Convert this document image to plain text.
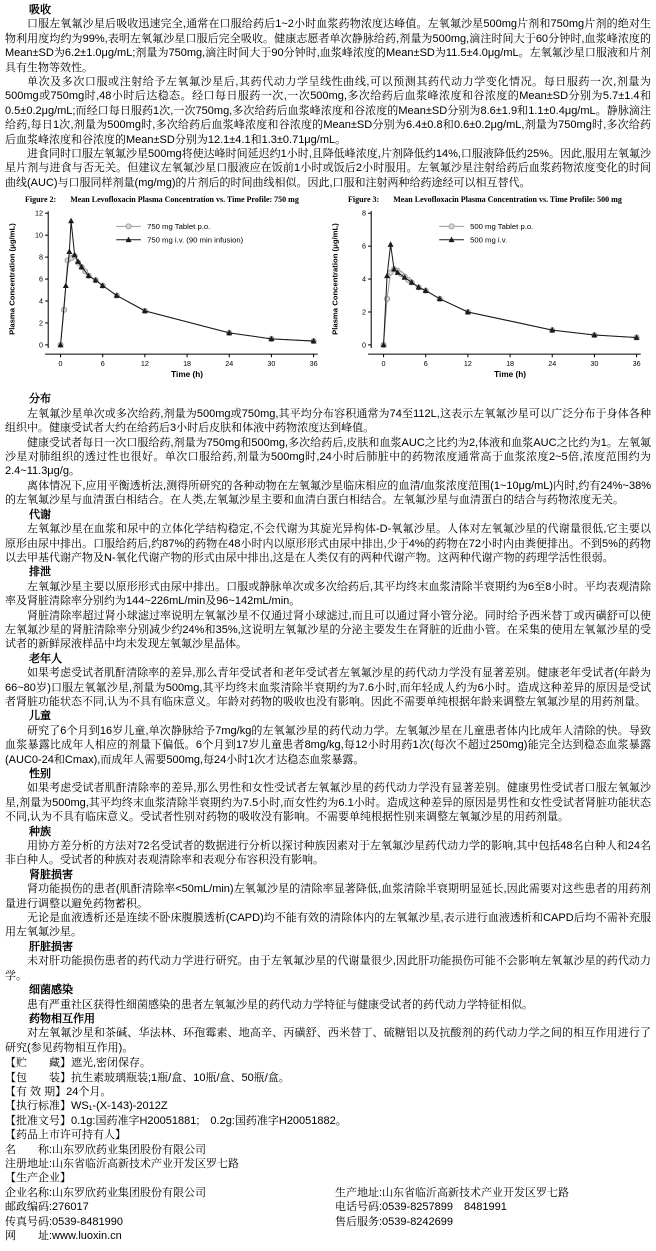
吸收

口服左氧氟沙星后吸收迅速完全,通常在口服给药后1~2小时血浆药物浓度达峰值。左氧氟沙星500mg片剂和750mg片剂的绝对生物利用度均约为99%,表明左氧氟沙星口服后完全吸收。健康志愿者单次静脉给药,剂量为500mg,滴注时间大于60分钟时,血浆峰浓度的Mean±SD为6.2±1.0μg/mL;剂量为750mg,滴注时间大于90分钟时,血浆峰浓度的Mean±SD为11.5±4.0μg/mL。左氧氟沙星口服液和片剂具有生物等效性。

单次及多次口服或注射给予左氧氟沙星后,其药代动力学呈线性曲线,可以预测其药代动力学变化情况。每日服药一次,剂量为500mg或750mg时,48小时后达稳态。经口每日服药一次,一次500mg,多次给药后血浆峰浓度和谷浓度的Mean±SD分别为5.7±1.4和0.5±0.2μg/mL;而经口每日服药1次,一次750mg,多次给药后血浆峰浓度和谷浓度的Mean±SD分别为8.6±1.9和1.1±0.4μg/mL。静脉滴注给药,每日1次,剂量为500mg时,多次给药后血浆峰浓度和谷浓度的Mean±SD分别为6.4±0.8和0.6±0.2μg/mL,剂量为750mg时,多次给药后血浆峰浓度和谷浓度的Mean±SD分别为12.1±4.1和1.3±0.71μg/mL。

进食同时口服左氧氟沙星500mg将使达峰时间延迟约1小时,且降低峰浓度,片剂降低约14%,口服液降低约25%。因此,服用左氧氟沙星片剂与进食与否无关。但建议左氧氟沙星口服液应在饭前1小时或饭后2小时服用。左氧氟沙星注射给药后血浆药物浓度变化的时间曲线(AUC)与口服同样剂量(mg/mg)的片剂后的时间曲线相似。因此,口服和注射两种给药途经可以相互替代。

Figure 2: Mean Levofloxacin Plasma Concentration vs. Time Profile: 750 mg
0
2
4
6
8
10
12
0	6	12	18	24	30	36
Time (h)
Plasma Concentration (μg/mL)	750 mg Tablet p.o.
750 mg i.v. (90 min infusion)
Figure 3: Mean Levofloxacin Plasma Concentration vs. Time Profile: 500 mg
0
2
4
6
8
0	6	12	18	24	30	36
Time (h)
Plasma Concentration (μg/mL)	500 mg Tablet p.o.
500 mg i.v.
分布

左氧氟沙星单次或多次给药,剂量为500mg或750mg,其平均分布容积通常为74至112L,这表示左氧氟沙星可以广泛分布于身体各种组织中。健康受试者大约在给药后3小时后皮肤和体液中药物浓度达到峰值。

健康受试者每日一次口服给药,剂量为750mg和500mg,多次给药后,皮肤和血浆AUC之比约为2,体液和血浆AUC之比约为1。左氧氟沙星对肺组织的透过性也很好。单次口服给药,剂量为500mg时,24小时后肺脏中的药物浓度通常高于血浆浓度2~5倍,浓度范围约为2.4~11.3μg/g。

离体情况下,应用平衡透析法,测得所研究的各种动物在左氧氟沙星临床相应的血清/血浆浓度范围(1~10μg/mL)内时,约有24%~38%的左氧氟沙星与血清蛋白相结合。在人类,左氧氟沙星主要和血清白蛋白相结合。左氧氟沙星与血清蛋白的结合与药物浓度无关。

代谢

左氧氟沙星在血浆和尿中的立体化学结构稳定,不会代谢为其旋光异构体-D-氧氟沙星。人体对左氧氟沙星的代谢量很低,它主要以原形由尿中排出。口服给药后,约87%的药物在48小时内以原形形式由尿中排出,少于4%的药物在72小时内由粪便排出。不到5%的药物以去甲基代谢产物及N-氧化代谢产物的形式由尿中排出,这是在人类仅有的两种代谢产物。这两种代谢产物的药理学活性很弱。

排泄

左氧氟沙星主要以原形形式由尿中排出。口服或静脉单次或多次给药后,其平均终末血浆清除半衰期约为6至8小时。平均表观清除率及肾脏清除率分别约为144~226mL/min及96~142mL/min。

肾脏清除率超过肾小球滤过率说明左氧氟沙星不仅通过肾小球滤过,而且可以通过肾小管分泌。同时给予西米替丁或丙磺舒可以使左氧氟沙星的肾脏清除率分别减少约24%和35%,这说明左氧氟沙星的分泌主要发生在肾脏的近曲小管。在采集的使用左氧氟沙星的受试者的新鲜尿液样品中均未发现左氧氟沙星晶体。

老年人

如果考虑受试者肌酐清除率的差异,那么青年受试者和老年受试者左氧氟沙星的药代动力学没有显著差别。健康老年受试者(年龄为66~80岁)口服左氧氟沙星,剂量为500mg,其平均终末血浆清除半衰期约为7.6小时,而年轻成人约为6小时。造成这种差异的原因是受试者肾脏功能状态不同,认为不具有临床意义。年龄对药物的吸收也没有影响。因此不需要单纯根据年龄来调整左氧氟沙星的用药剂量。

儿童

研究了6个月到16岁儿童,单次静脉给予7mg/kg的左氧氟沙星的药代动力学。左氧氟沙星在儿童患者体内比成年人清除的快。导致血浆暴露比成年人相应的剂量下偏低。6个月到17岁儿童患者8mg/kg,每12小时用药1次(每次不超过250mg)能完全达到稳态血浆暴露(AUC0-24和Cmax),而成年人需要500mg,每24小时1次才达稳态血浆暴露。

性别

如果考虑受试者肌酐清除率的差异,那么男性和女性受试者左氧氟沙星的药代动力学没有显著差别。健康男性受试者口服左氧氟沙星,剂量为500mg,其平均终末血浆清除半衰期约为7.5小时,而女性约为6.1小时。造成这种差异的原因是男性和女性受试者肾脏功能状态不同,认为不具有临床意义。受试者性别对药物的吸收没有影响。不需要单纯根据性别来调整左氧氟沙星的用药剂量。

种族

用协方差分析的方法对72名受试者的数据进行分析以探讨种族因素对于左氧氟沙星药代动力学的影响,其中包括48名白种人和24名非白种人。受试者的种族对表观清除率和表观分布容积没有影响。

肾脏损害

肾功能损伤的患者(肌酐清除率<50mL/min)左氧氟沙星的清除率显著降低,血浆清除半衰期明显延长,因此需要对这些患者的用药剂量进行调整以避免药物蓄积。

无论是血液透析还是连续不卧床腹膜透析(CAPD)均不能有效的清除体内的左氧氟沙星,表示进行血液透析和CAPD后均不需补充服用左氧氟沙星。

肝脏损害

未对肝功能损伤患者的药代动力学进行研究。由于左氧氟沙星的代谢量很少,因此肝功能损伤可能不会影响左氧氟沙星的药代动力学。

细菌感染

患有严重社区获得性细菌感染的患者左氧氟沙星的药代动力学特征与健康受试者的药代动力学特征相似。

药物相互作用

对左氧氟沙星和茶碱、华法林、环孢霉素、地高辛、丙磺舒、西米替丁、硫糖铝以及抗酸剂的药代动力学之间的相互作用进行了研究(参见药物相互作用)。

【贮　　藏】遮光,密闭保存。

【包　　装】抗生素玻璃瓶装;1瓶/盒、10瓶/盒、50瓶/盒。

【有 效 期】24个月。

【执行标准】WS₁-(X-143)-2012Z

【批准文号】0.1g:国药准字H20051881;　0.2g:国药准字H20051882。

【药品上市许可持有人】

名　　称:山东罗欣药业集团股份有限公司

注册地址:山东省临沂高新技术产业开发区罗七路

【生产企业】

企业名称:山东罗欣药业集团股份有限公司	生产地址:山东省临沂高新技术产业开发区罗七路

邮政编码:276017	电话号码:0539-8257899　8481991

传真号码:0539-8481990	售后服务:0539-8242699

网　　址:www.luoxin.cn
